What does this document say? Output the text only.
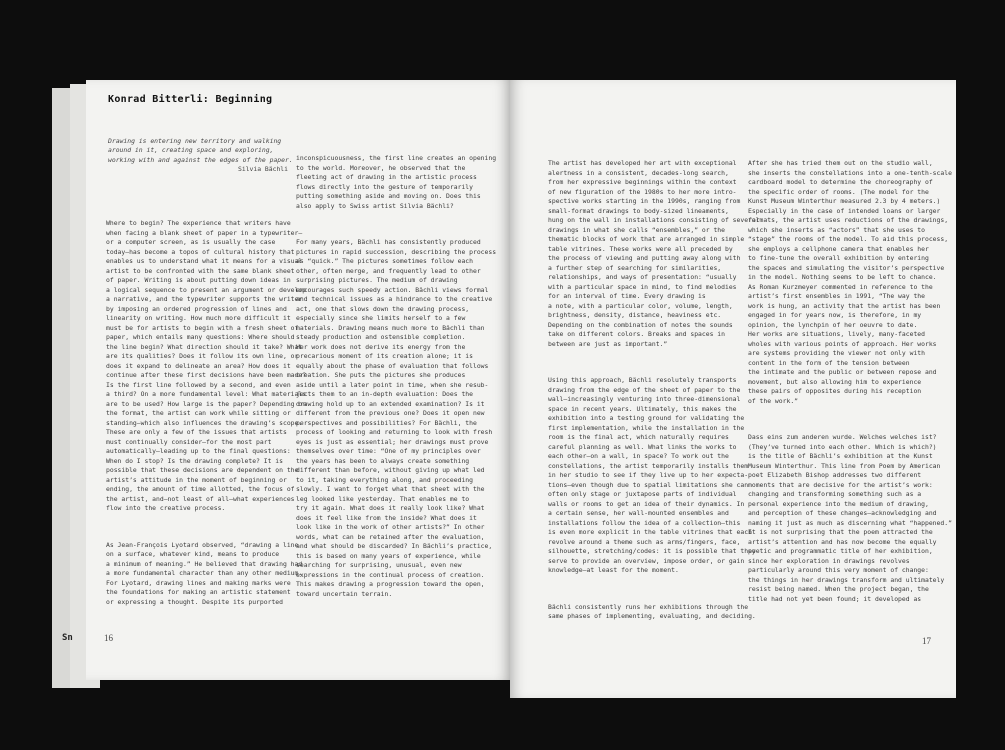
Sn
Konrad Bitterli: Beginning
Drawing is entering new territory and walking
around in it, creating space and exploring,
working with and against the edges of the paper.
Silvia Bächli

Where to begin? The experience that writers have
when facing a blank sheet of paper in a typewriter—
or a computer screen, as is usually the case
today—has become a topos of cultural history that
enables us to understand what it means for a visual
artist to be confronted with the same blank sheet
of paper. Writing is about putting down ideas in
a logical sequence to present an argument or develop
a narrative, and the typewriter supports the writer
by imposing an ordered progression of lines and
linearity on writing. How much more difficult it
must be for artists to begin with a fresh sheet of
paper, which entails many questions: Where should
the line begin? What direction should it take? What
are its qualities? Does it follow its own line, or
does it expand to delineate an area? How does it
continue after these first decisions have been made?
Is the first line followed by a second, and even
a third? On a more fundamental level: What materials
are to be used? How large is the paper? Depending on
the format, the artist can work while sitting or
standing—which also influences the drawing’s scope.
These are only a few of the issues that artists
must continually consider—for the most part
automatically—leading up to the final questions:
When do I stop? Is the drawing complete? It is
possible that these decisions are dependent on the
artist’s attitude in the moment of beginning or
ending, the amount of time allotted, the focus of
the artist, and—not least of all—what experiences
flow into the creative process.

As Jean-François Lyotard observed, “drawing a line
on a surface, whatever kind, means to produce
a minimum of meaning.” He believed that drawing had
a more fundamental character than any other medium.
For Lyotard, drawing lines and making marks were
the foundations for making an artistic statement
or expressing a thought. Despite its purported

inconspicuousness, the first line creates an opening
to the world. Moreover, he observed that the
fleeting act of drawing in the artistic process
flows directly into the gesture of temporarily
putting something aside and moving on. Does this
also apply to Swiss artist Silvia Bächli?

For many years, Bächli has consistently produced
pictures in rapid succession, describing the process
as “quick.” The pictures sometimes follow each
other, often merge, and frequently lead to other
surprising pictures. The medium of drawing
encourages such speedy action. Bächli views formal
and technical issues as a hindrance to the creative
act, one that slows down the drawing process,
especially since she limits herself to a few
materials. Drawing means much more to Bächli than
steady production and ostensible completion.
Her work does not derive its energy from the
precarious moment of its creation alone; it is
equally about the phase of evaluation that follows
creation. She puts the pictures she produces
aside until a later point in time, when she resub-
jects them to an in-depth evaluation: Does the
drawing hold up to an extended examination? Is it
different from the previous one? Does it open new
perspectives and possibilities? For Bächli, the
process of looking and returning to look with fresh
eyes is just as essential; her drawings must prove
themselves over time: “One of my principles over
the years has been to always create something
different than before, without giving up what led
to it, taking everything along, and proceeding
slowly. I want to forget what that sheet with the
leg looked like yesterday. That enables me to
try it again. What does it really look like? What
does it feel like from the inside? What does it
look like in the work of other artists?” In other
words, what can be retained after the evaluation,
and what should be discarded? In Bächli’s practice,
this is based on many years of experience, while
searching for surprising, unusual, even new
expressions in the continual process of creation.
This makes drawing a progression toward the open,
toward uncertain terrain.

16

The artist has developed her art with exceptional
alertness in a consistent, decades-long search,
from her expressive beginnings within the context
of new figuration of the 1980s to her more intro-
spective works starting in the 1990s, ranging from
small-format drawings to body-sized lineaments,
hung on the wall in installations consisting of several
drawings in what she calls “ensembles,” or the
thematic blocks of work that are arranged in simple
table vitrines. These works were all preceded by
the process of viewing and putting away along with
a further step of searching for similarities,
relationships, and ways of presentation: “usually
with a particular space in mind, to find melodies
for an interval of time. Every drawing is
a note, with a particular color, volume, length,
brightness, density, distance, heaviness etc.
Depending on the combination of notes the sounds
take on different colors. Breaks and spaces in
between are just as important.”

Using this approach, Bächli resolutely transports
drawing from the edge of the sheet of paper to the
wall—increasingly venturing into three-dimensional
space in recent years. Ultimately, this makes the
exhibition into a testing ground for validating the
first implementation, while the installation in the
room is the final act, which naturally requires
careful planning as well. What links the works to
each other—on a wall, in space? To work out the
constellations, the artist temporarily installs them
in her studio to see if they live up to her expecta-
tions—even though due to spatial limitations she can
often only stage or juxtapose parts of individual
walls or rooms to get an idea of their dynamics. In
a certain sense, her wall-mounted ensembles and
installations follow the idea of a collection—this
is even more explicit in the table vitrines that each
revolve around a theme such as arms/fingers, face,
silhouette, stretching/codes: it is possible that they
serve to provide an overview, impose order, or gain
knowledge—at least for the moment.

Bächli consistently runs her exhibitions through the
same phases of implementing, evaluating, and deciding.

After she has tried them out on the studio wall,
she inserts the constellations into a one-tenth-scale
cardboard model to determine the choreography of
the specific order of rooms. (The model for the
Kunst Museum Winterthur measured 2.3 by 4 meters.)
Especially in the case of intended loans or larger
formats, the artist uses reductions of the drawings,
which she inserts as “actors” that she uses to
“stage” the rooms of the model. To aid this process,
she employs a cellphone camera that enables her
to fine-tune the overall exhibition by entering
the spaces and simulating the visitor’s perspective
in the model. Nothing seems to be left to chance.
As Roman Kurzmeyer commented in reference to the
artist’s first ensembles in 1991, “The way the
work is hung, an activity that the artist has been
engaged in for years now, is therefore, in my
opinion, the lynchpin of her oeuvre to date.
Her works are situations, lively, many-faceted
wholes with various points of approach. Her works
are systems providing the viewer not only with
content in the form of the tension between
the intimate and the public or between repose and
movement, but also allowing him to experience
these pairs of opposites during his reception
of the work.”

Dass eins zum anderen wurde. Welches welches ist?
(They’ve turned into each other. Which is which?)
is the title of Bächli’s exhibition at the Kunst
Museum Winterthur. This line from Poem by American
poet Elizabeth Bishop addresses two different
moments that are decisive for the artist’s work:
changing and transforming something such as a
personal experience into the medium of drawing,
and perception of these changes—acknowledging and
naming it just as much as discerning what “happened.”
It is not surprising that the poem attracted the
artist’s attention and has now become the equally
poetic and programmatic title of her exhibition,
since her exploration in drawings revolves
particularly around this very moment of change:
the things in her drawings transform and ultimately
resist being named. When the project began, the
title had not yet been found; it developed as

17
